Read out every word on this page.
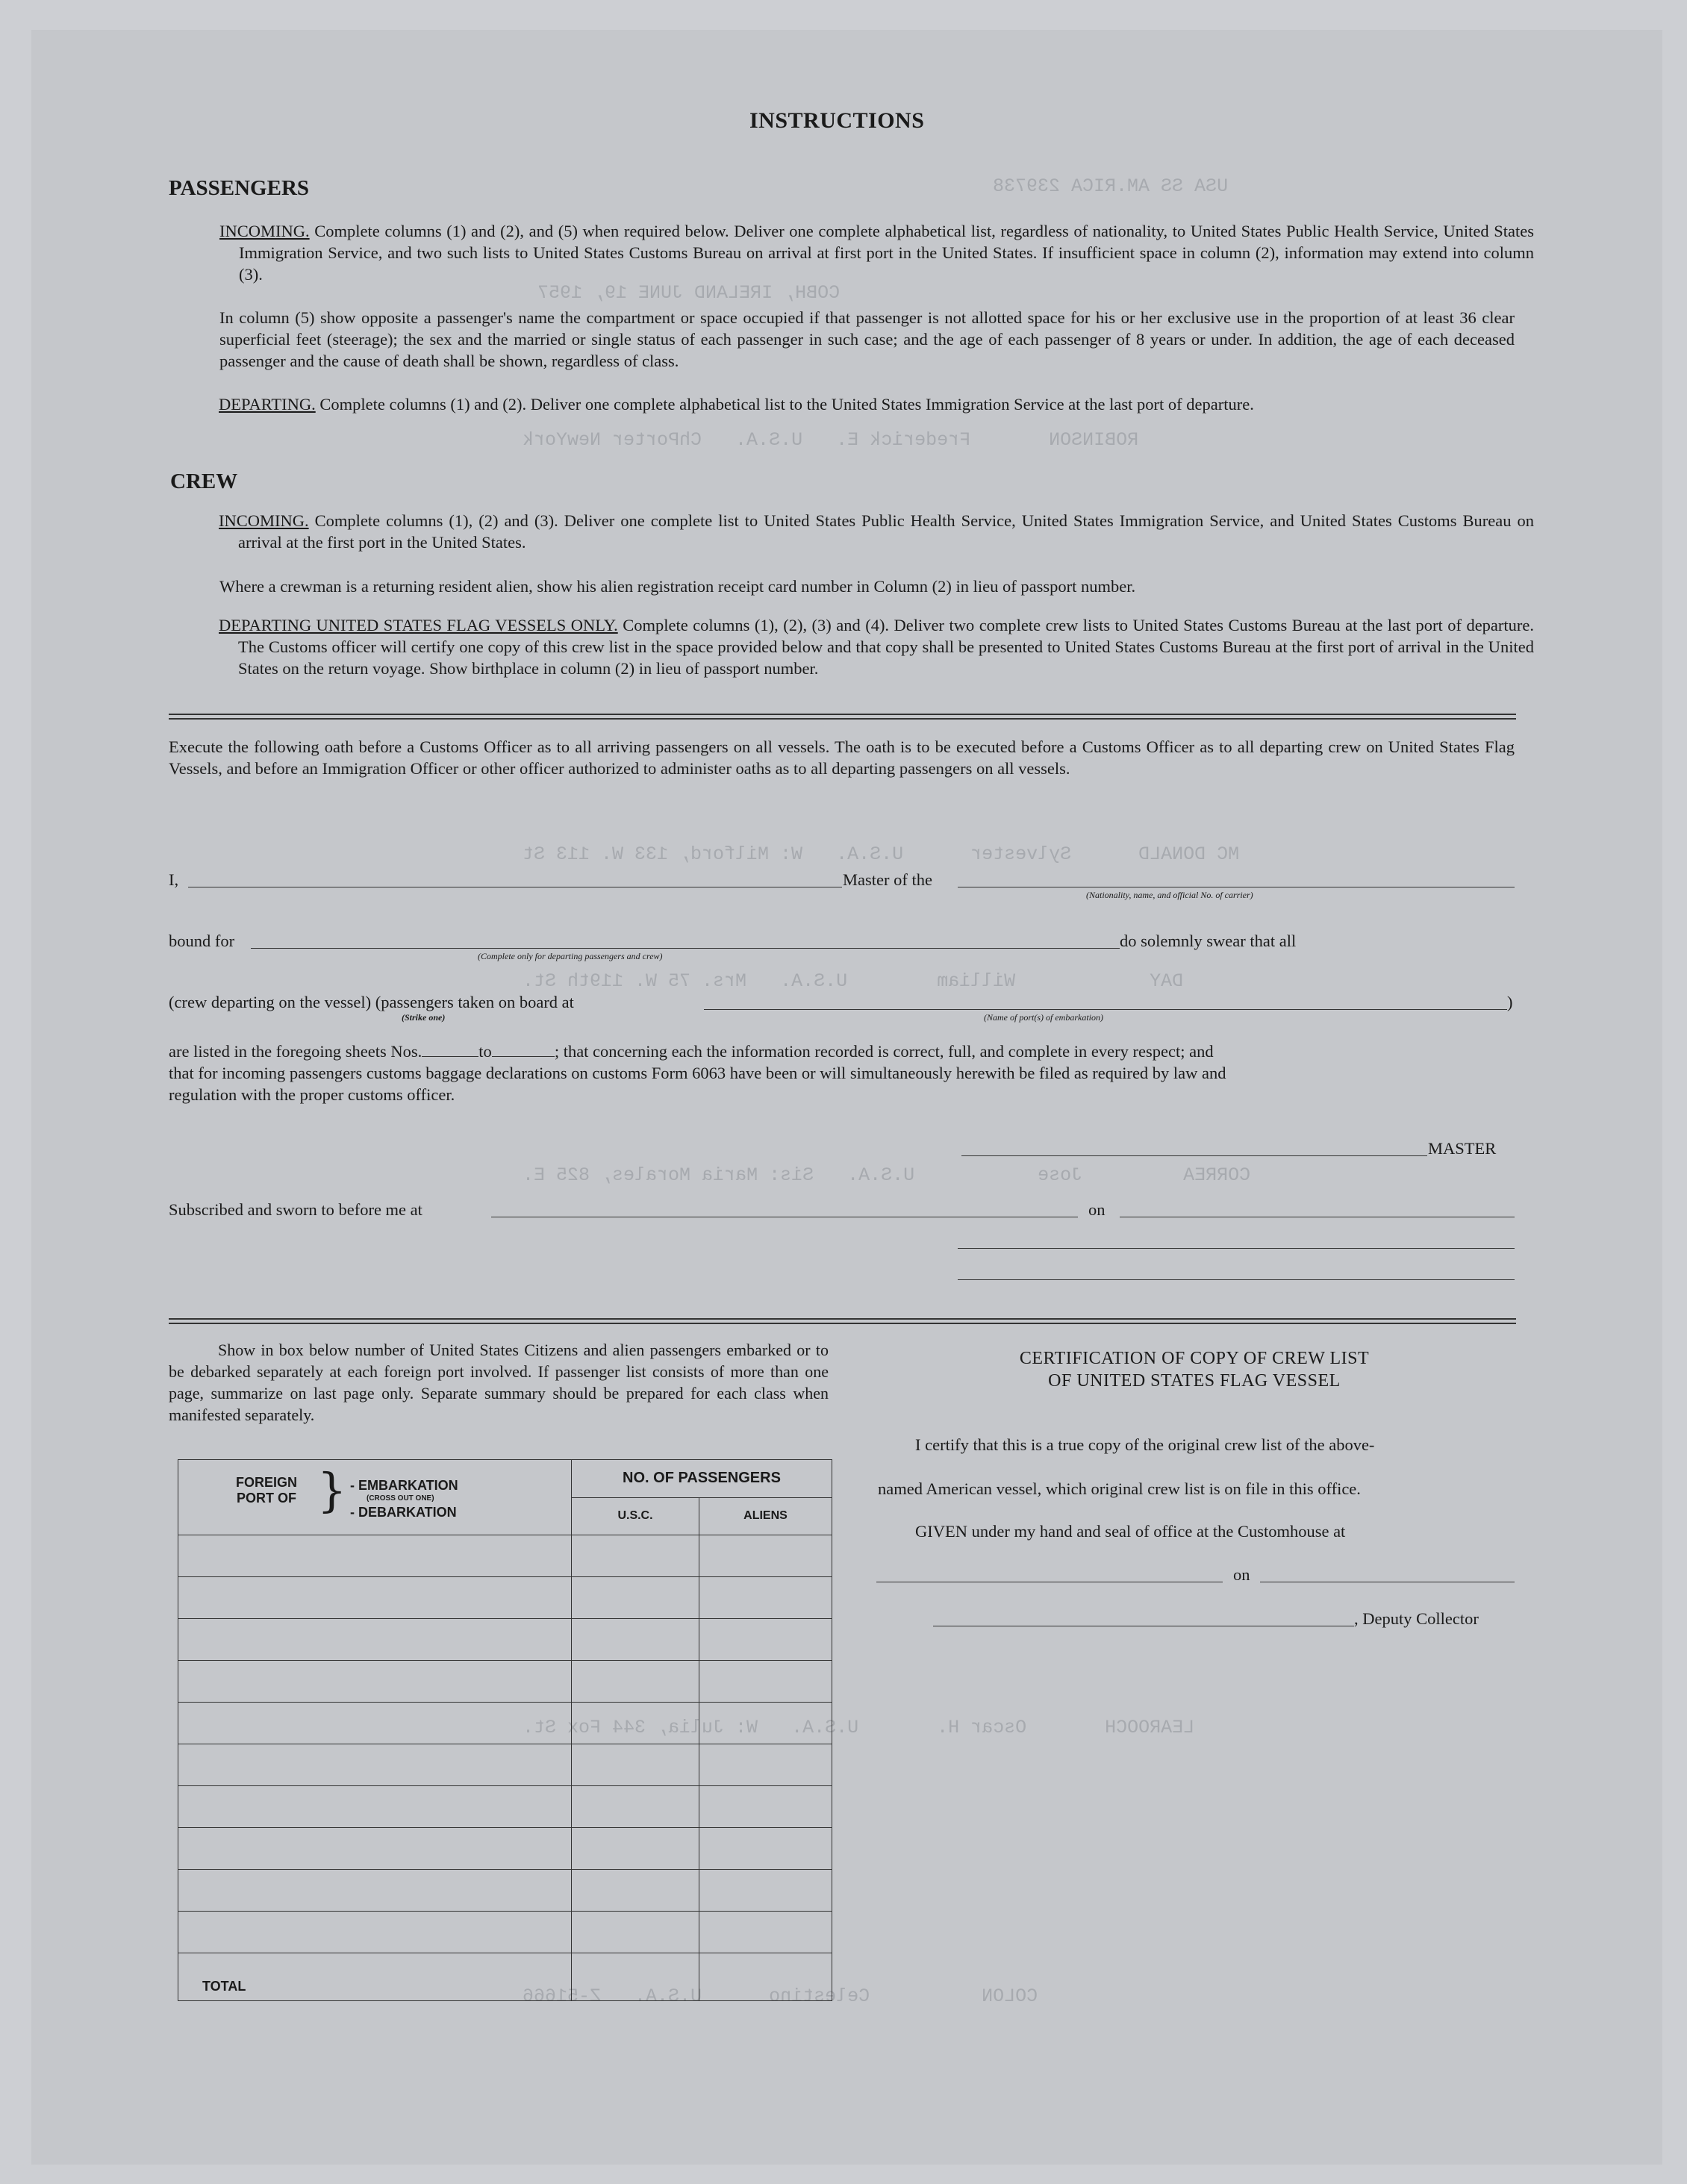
USA SS AM.RICA 239738
COBH, IRELAND JUNE 19, 1957
ROBINSON       Frederick E.   U.S.A.   ChPorter NewYork
MC DONALD      Sylvester      U.S.A.   W: Milford, 133 W. 113 St
DAY            William        U.S.A.   Mrs. 75 W. 119th St.
CORREA         Jose           U.S.A.   Sis: Maria Morales, 825 E.
LEAROOCH       Oscar H.       U.S.A.   W: Julia, 344 Fox St.
COLON          Celestino      U.S.A.   Z-51666
INSTRUCTIONS
PASSENGERS
INCOMING. Complete columns (1) and (2), and (5) when required below. Deliver one complete alphabetical list, regardless of nationality, to United States Public Health Service, United States Immigration Service, and two such lists to United States Customs Bureau on arrival at first port in the United States. If insufficient space in column (2), information may extend into column (3).
In column (5) show opposite a passenger's name the compartment or space occupied if that passenger is not allotted space for his or her exclusive use in the proportion of at least 36 clear superficial feet (steerage); the sex and the married or single status of each passenger in such case; and the age of each passenger of 8 years or under. In addition, the age of each deceased passenger and the cause of death shall be shown, regardless of class.
DEPARTING. Complete columns (1) and (2). Deliver one complete alphabetical list to the United States Immigration Service at the last port of departure.
CREW
INCOMING. Complete columns (1), (2) and (3). Deliver one complete list to United States Public Health Service, United States Immigration Service, and United States Customs Bureau on arrival at the first port in the United States.
Where a crewman is a returning resident alien, show his alien registration receipt card number in Column (2) in lieu of passport number.
DEPARTING UNITED STATES FLAG VESSELS ONLY. Complete columns (1), (2), (3) and (4). Deliver two complete crew lists to United States Customs Bureau at the last port of departure. The Customs officer will certify one copy of this crew list in the space provided below and that copy shall be presented to United States Customs Bureau at the first port of arrival in the United States on the return voyage. Show birthplace in column (2) in lieu of passport number.
Execute the following oath before a Customs Officer as to all arriving passengers on all vessels. The oath is to be executed before a Customs Officer as to all departing crew on United States Flag Vessels, and before an Immigration Officer or other officer authorized to administer oaths as to all departing passengers on all vessels.
I,	Master of the
(Nationality, name, and official No. of carrier)
bound for
(Complete only for departing passengers and crew)
do solemnly swear that all
(crew departing on the vessel) (passengers taken on board at	)
(Strike one)	(Name of port(s) of embarkation)
are listed in the foregoing sheets Nos.	to	; that concerning each the information recorded is correct, full, and complete in every respect; and
that for incoming passengers customs baggage declarations on customs Form 6063 have been or will simultaneously herewith be filed as required by law and
regulation with the proper customs officer.
MASTER
Subscribed and sworn to before me at	on
Show in box below number of United States Citizens and alien passengers embarked or to be debarked separately at each foreign port involved. If passenger list consists of more than one page, summarize on last page only. Separate summary should be prepared for each class when manifested separately.
FOREIGN PORT OF } - EMBARKATION
(CROSS OUT ONE)
- DEBARKATION	NO. OF PASSENGERS	
	U.S.C.	ALIENS

TOTAL		
CERTIFICATION OF COPY OF CREW LIST
OF UNITED STATES FLAG VESSEL
I certify that this is a true copy of the original crew list of the above-
named American vessel, which original crew list is on file in this office.
GIVEN under my hand and seal of office at the Customhouse at
on
, Deputy Collector
